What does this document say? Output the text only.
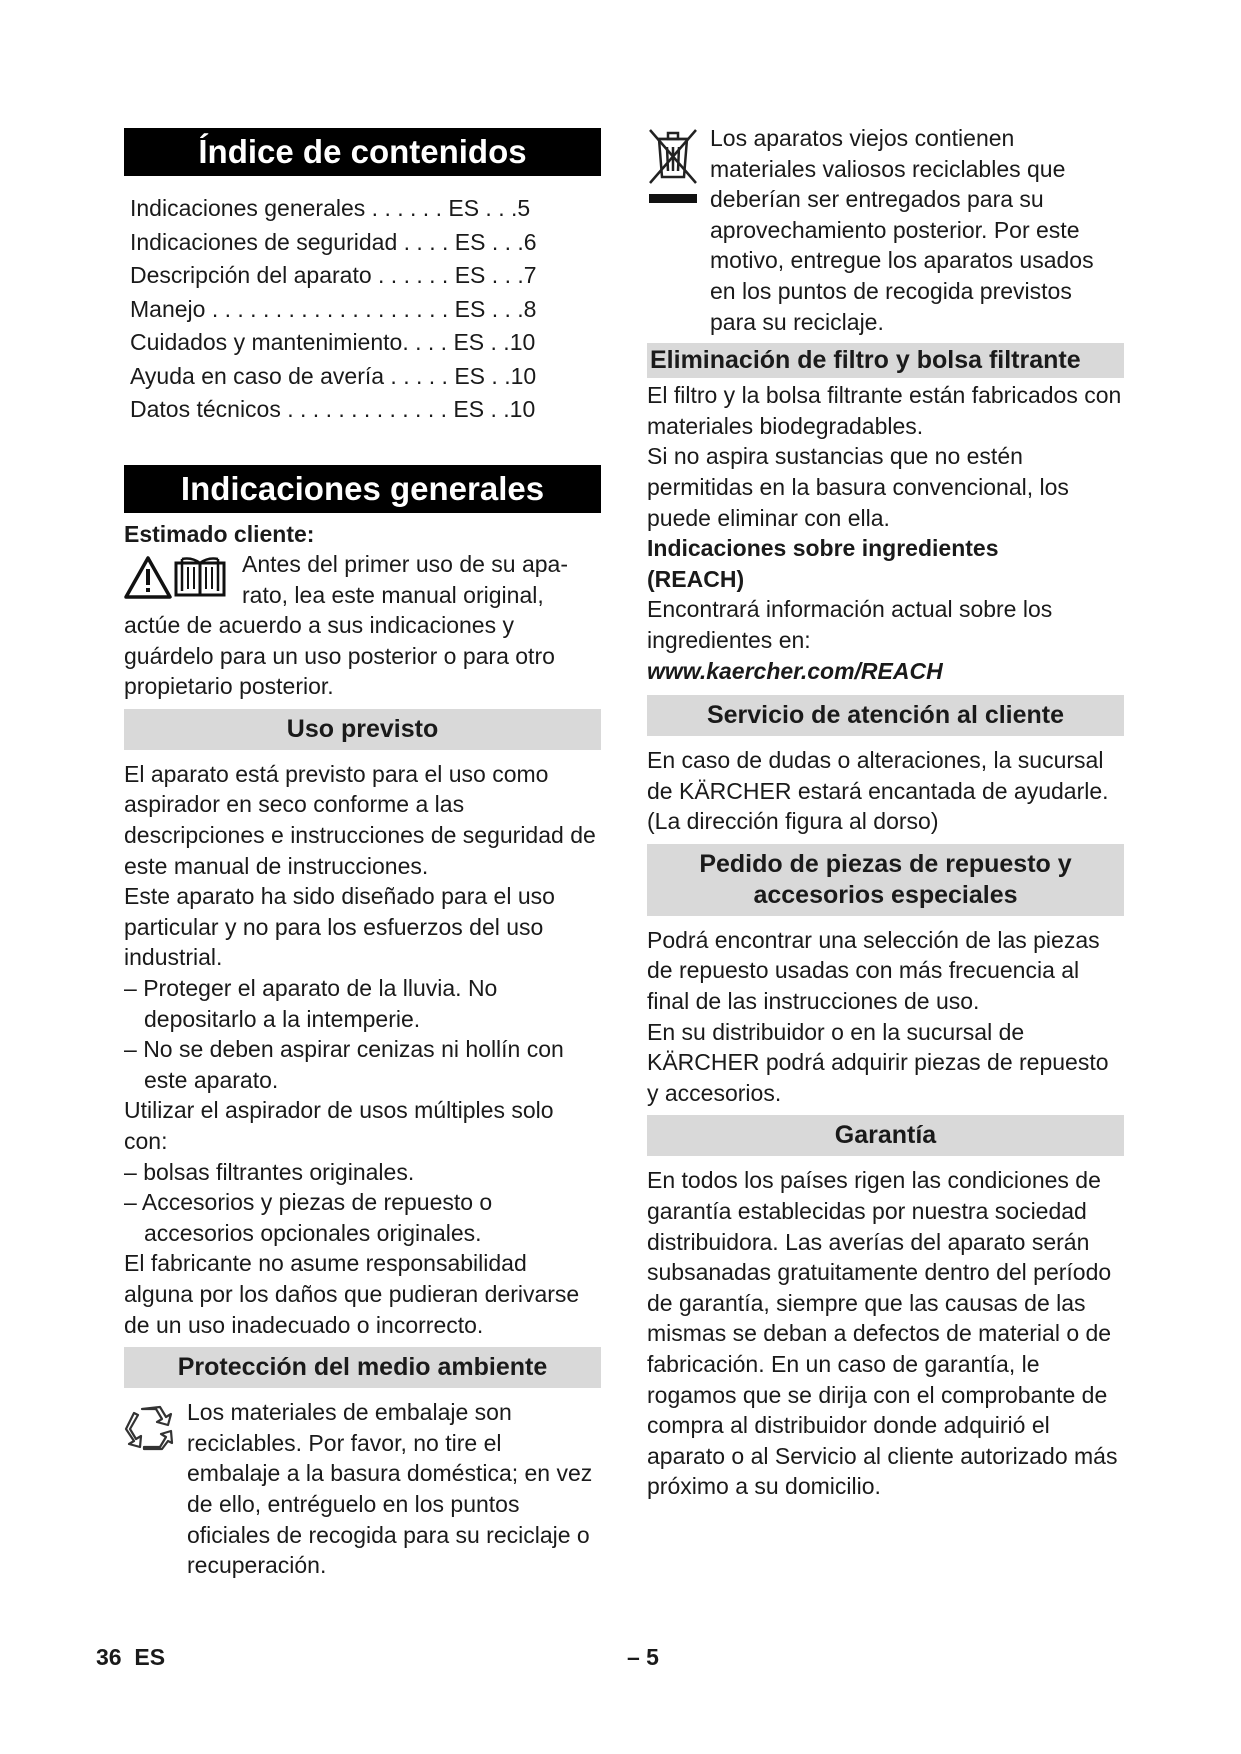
Índice de contenidos
Indicaciones generales . . . . . . ES . . .5
Indicaciones de seguridad . . . . ES . . .6
Descripción del aparato . . . . . . ES . . .7
Manejo . . . . . . . . . . . . . . . . . . . ES . . .8
Cuidados y mantenimiento. . . . ES . .10
Ayuda en caso de avería . . . . . ES . .10
Datos técnicos . . . . . . . . . . . . . ES . .10
Indicaciones generales

Estimado cliente:

Antes del primer uso de su apa-

rato, lea este manual original,

actúe de acuerdo a sus indicaciones y guárdelo para un uso posterior o para otro propietario posterior.

Uso previsto

El aparato está previsto para el uso como aspirador en seco conforme a las descripciones e instrucciones de seguridad de este manual de instrucciones.

Este aparato ha sido diseñado para el uso particular y no para los esfuerzos del uso industrial.

– Proteger el aparato de la lluvia. No depositarlo a la intemperie.

– No se deben aspirar cenizas ni hollín con este aparato.

Utilizar el aspirador de usos múltiples solo con:

– bolsas filtrantes originales.

– Accesorios y piezas de repuesto o accesorios opcionales originales.

El fabricante no asume responsabilidad alguna por los daños que pudieran derivarse de un uso inadecuado o incorrecto.

Protección del medio ambiente

Los materiales de embalaje son reciclables. Por favor, no tire el embalaje a la basura doméstica; en vez de ello, entréguelo en los puntos oficiales de recogida para su reciclaje o recuperación.

Los aparatos viejos contienen materiales valiosos reciclables que deberían ser entregados para su aprovechamiento posterior. Por este motivo, entregue los aparatos usados en los puntos de recogida previstos para su reciclaje.

Eliminación de filtro y bolsa filtrante

El filtro y la bolsa filtrante están fabricados con materiales biodegradables.

Si no aspira sustancias que no estén permitidas en la basura convencional, los puede eliminar con ella.

Indicaciones sobre ingredientes (REACH)

Encontrará información actual sobre los ingredientes en:

www.kaercher.com/REACH

Servicio de atención al cliente

En caso de dudas o alteraciones, la sucursal de KÄRCHER estará encantada de ayudarle.

(La dirección figura al dorso)

Pedido de piezas de repuesto y accesorios especiales

Podrá encontrar una selección de las piezas de repuesto usadas con más frecuencia al final de las instrucciones de uso.

En su distribuidor o en la sucursal de KÄRCHER podrá adquirir piezas de repuesto y accesorios.

Garantía

En todos los países rigen las condiciones de garantía establecidas por nuestra sociedad distribuidora. Las averías del aparato serán subsanadas gratuitamente dentro del período de garantía, siempre que las causas de las mismas se deban a defectos de material o de fabricación. En un caso de garantía, le rogamos que se dirija con el comprobante de compra al distribuidor donde adquirió el aparato o al Servicio al cliente autorizado más próximo a su domicilio.

36 ES	– 5
